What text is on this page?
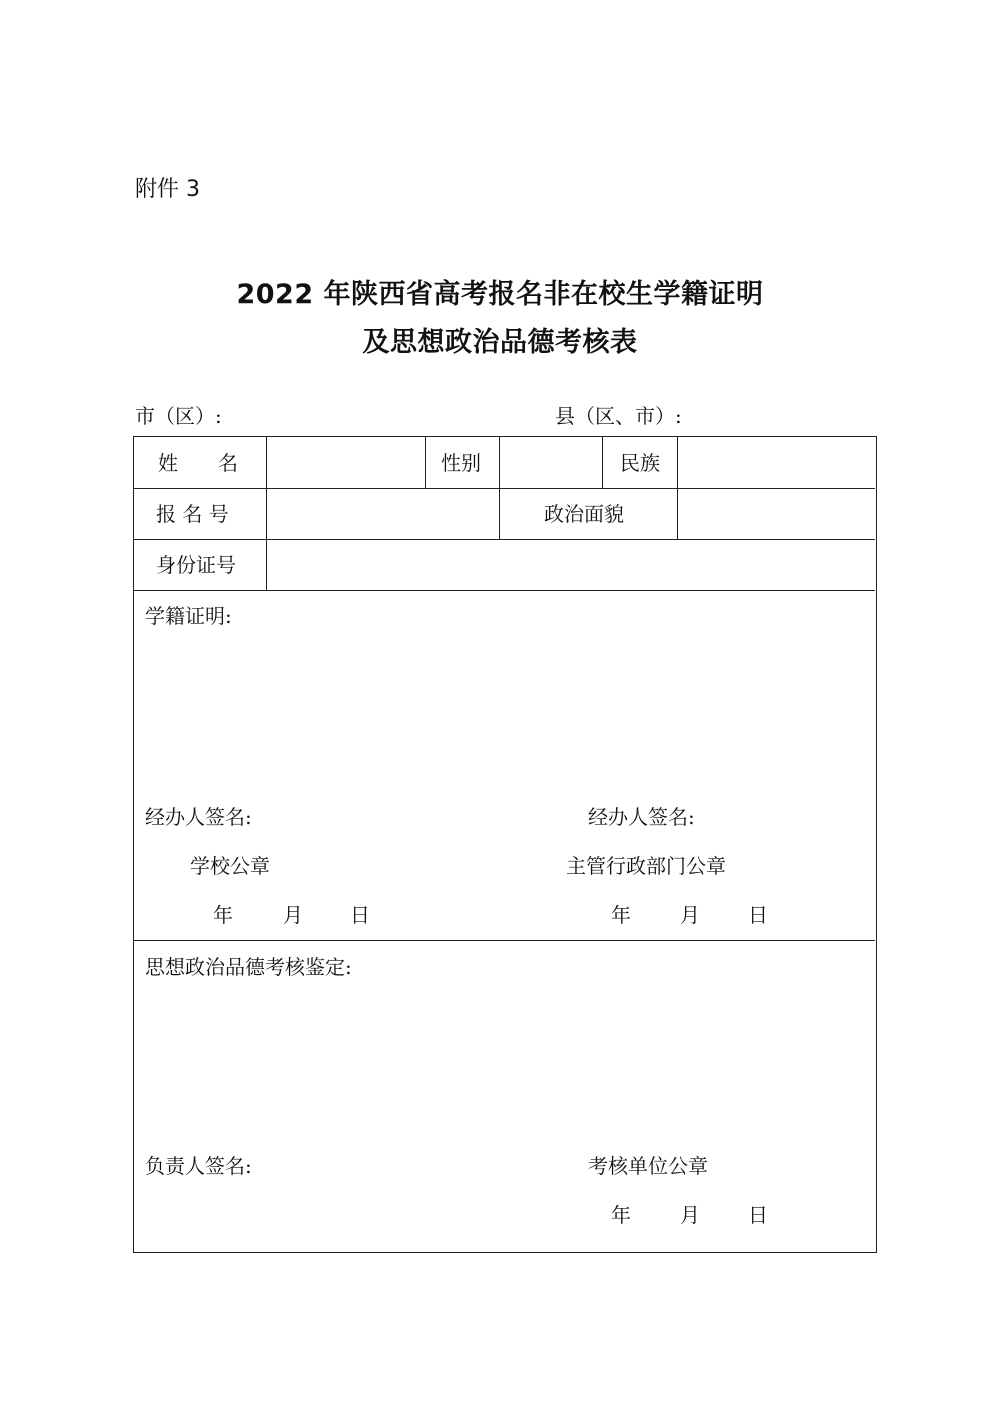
附件 3
2022 年陕西省高考报名非在校生学籍证明
及思想政治品德考核表
市（区）:	县（区、市）:
姓　　名	性别	民族
报 名 号	政治面貌
身份证号
学籍证明:
经办人签名:	经办人签名:
学校公章	主管行政部门公章
年	月 日	年 月 日
思想政治品德考核鉴定:
负责人签名:	考核单位公章
年 月 日
